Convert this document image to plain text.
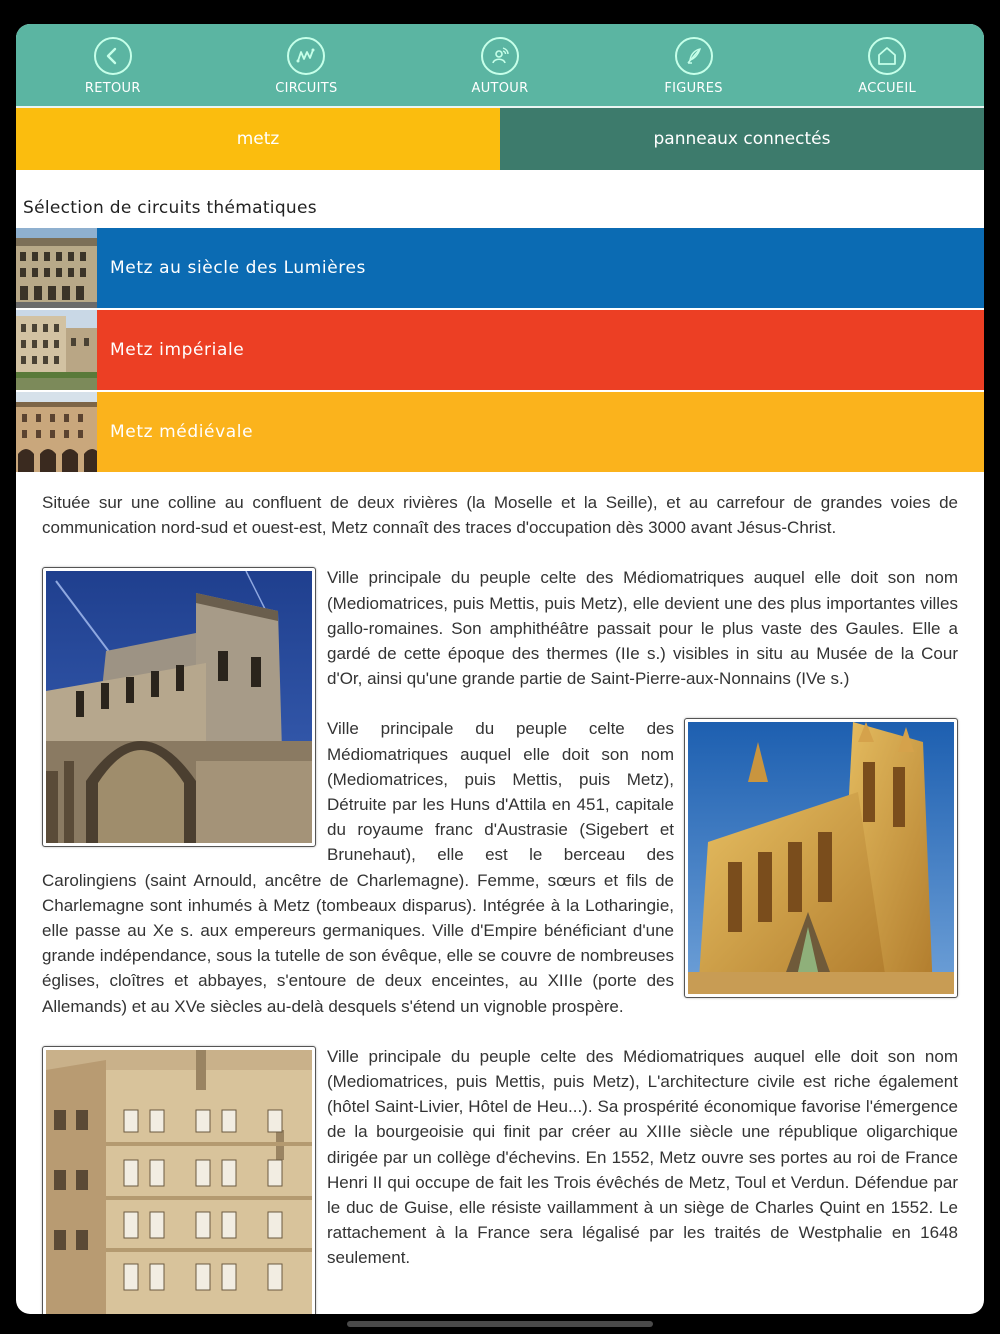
RETOUR	CIRCUITS	AUTOUR	FIGURES	ACCUEIL
metz	panneaux connectés
Sélection de circuits thématiques
Metz au siècle des Lumières
Metz impériale
Metz médiévale

Située sur une colline au confluent de deux rivières (la Moselle et la Seille), et au carrefour de grandes voies de communication nord-sud et ouest-est, Metz connaît des traces d'occupation dès 3000 avant Jésus-Christ.

Ville principale du peuple celte des Médiomatriques auquel elle doit son nom (Mediomatrices, puis Mettis, puis Metz), elle devient une des plus importantes villes gallo-romaines. Son amphithéâtre passait pour le plus vaste des Gaules. Elle a gardé de cette époque des thermes (IIe s.) visibles in situ au Musée de la Cour d'Or, ainsi qu'une grande partie de Saint-Pierre-aux-Nonnains (IVe s.)

Ville principale du peuple celte des Médiomatriques auquel elle doit son nom (Mediomatrices, puis Mettis, puis Metz), Détruite par les Huns d'Attila en 451, capitale du royaume franc d'Austrasie (Sigebert et Brunehaut), elle est le berceau des Carolingiens (saint Arnould, ancêtre de Charlemagne). Femme, sœurs et fils de Charlemagne sont inhumés à Metz (tombeaux disparus). Intégrée à la Lotharingie, elle passe au Xe s. aux empereurs germaniques. Ville d'Empire bénéficiant d'une grande indépendance, sous la tutelle de son évêque, elle se couvre de nombreuses églises, cloîtres et abbayes, s'entoure de deux enceintes, au XIIIe (porte des Allemands) et au XVe siècles au-delà desquels s'étend un vignoble prospère.

Ville principale du peuple celte des Médiomatriques auquel elle doit son nom (Mediomatrices, puis Mettis, puis Metz), L'architecture civile est riche également (hôtel Saint-Livier, Hôtel de Heu...). Sa prospérité économique favorise l'émergence de la bourgeoisie qui finit par créer au XIIIe siècle une république oligarchique dirigée par un collège d'échevins. En 1552, Metz ouvre ses portes au roi de France Henri II qui occupe de fait les Trois évêchés de Metz, Toul et Verdun. Défendue par le duc de Guise, elle résiste vaillamment à un siège de Charles Quint en 1552. Le rattachement à la France sera légalisé par les traités de Westphalie en 1648 seulement.
